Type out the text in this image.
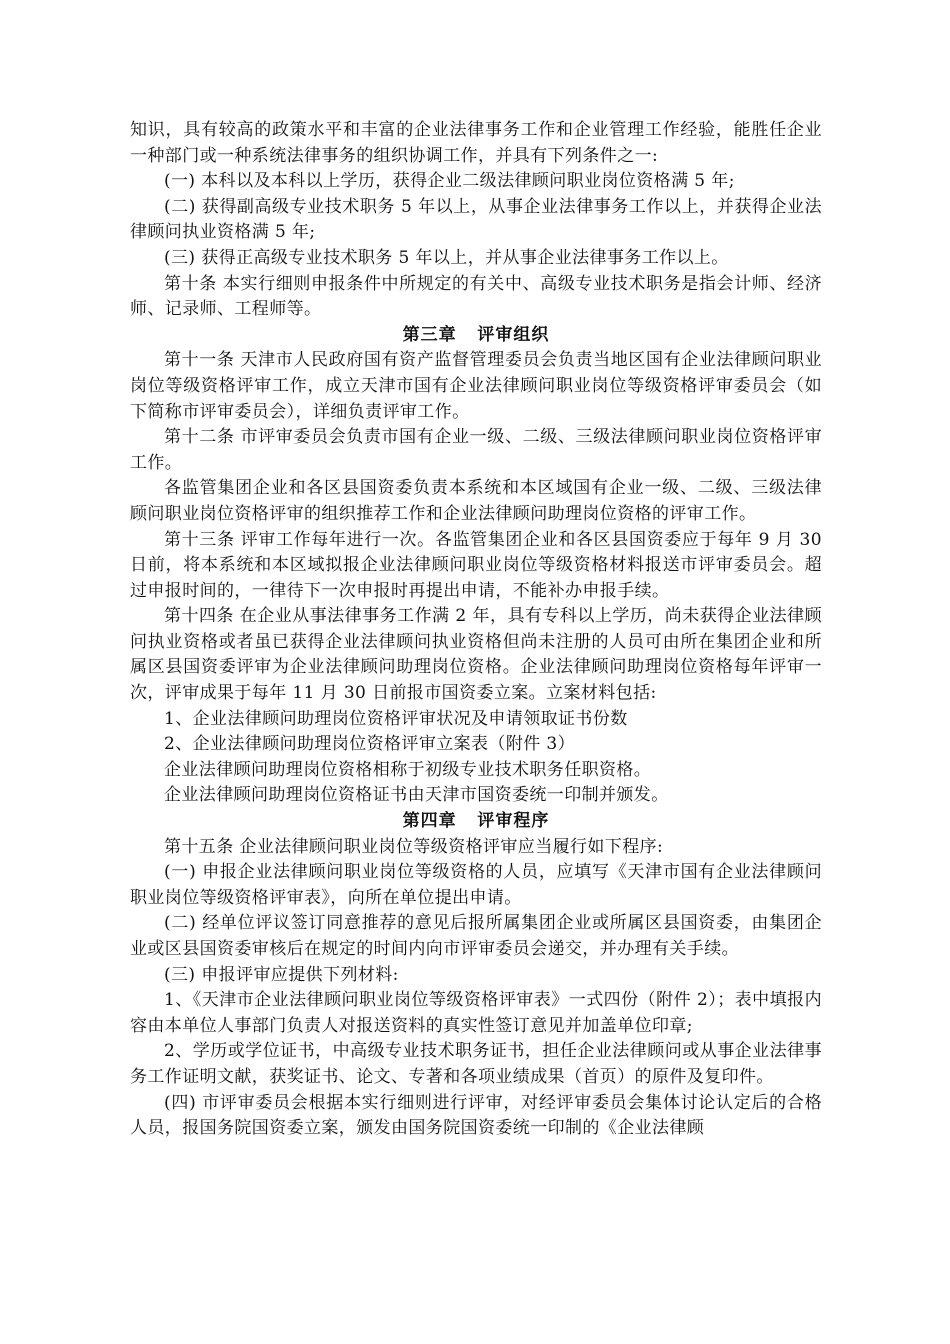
知识，具有较高的政策水平和丰富的企业法律事务工作和企业管理工作经验，能胜任企业一种部门或一种系统法律事务的组织协调工作，并具有下列条件之一:

(一) 本科以及本科以上学历，获得企业二级法律顾问职业岗位资格满 5 年;

(二) 获得副高级专业技术职务 5 年以上，从事企业法律事务工作以上，并获得企业法律顾问执业资格满 5 年;

(三) 获得正高级专业技术职务 5 年以上，并从事企业法律事务工作以上。

第十条 本实行细则申报条件中所规定的有关中、高级专业技术职务是指会计师、经济师、记录师、工程师等。

第三章   评审组织

第十一条 天津市人民政府国有资产监督管理委员会负责当地区国有企业法律顾问职业岗位等级资格评审工作，成立天津市国有企业法律顾问职业岗位等级资格评审委员会（如下简称市评审委员会），详细负责评审工作。

第十二条 市评审委员会负责市国有企业一级、二级、三级法律顾问职业岗位资格评审工作。

各监管集团企业和各区县国资委负责本系统和本区域国有企业一级、二级、三级法律顾问职业岗位资格评审的组织推荐工作和企业法律顾问助理岗位资格的评审工作。

第十三条 评审工作每年进行一次。各监管集团企业和各区县国资委应于每年 9 月 30 日前，将本系统和本区域拟报企业法律顾问职业岗位等级资格材料报送市评审委员会。超过申报时间的，一律待下一次申报时再提出申请，不能补办申报手续。

第十四条 在企业从事法律事务工作满 2 年，具有专科以上学历，尚未获得企业法律顾问执业资格或者虽已获得企业法律顾问执业资格但尚未注册的人员可由所在集团企业和所属区县国资委评审为企业法律顾问助理岗位资格。企业法律顾问助理岗位资格每年评审一次，评审成果于每年 11 月 30 日前报市国资委立案。立案材料包括:

1、企业法律顾问助理岗位资格评审状况及申请领取证书份数

2、企业法律顾问助理岗位资格评审立案表（附件 3）

企业法律顾问助理岗位资格相称于初级专业技术职务任职资格。

企业法律顾问助理岗位资格证书由天津市国资委统一印制并颁发。

第四章   评审程序

第十五条 企业法律顾问职业岗位等级资格评审应当履行如下程序:

(一) 申报企业法律顾问职业岗位等级资格的人员，应填写《天津市国有企业法律顾问职业岗位等级资格评审表》，向所在单位提出申请。

(二) 经单位评议签订同意推荐的意见后报所属集团企业或所属区县国资委，由集团企业或区县国资委审核后在规定的时间内向市评审委员会递交，并办理有关手续。

(三) 申报评审应提供下列材料:

1、《天津市企业法律顾问职业岗位等级资格评审表》一式四份（附件 2）；表中填报内容由本单位人事部门负责人对报送资料的真实性签订意见并加盖单位印章;

2、学历或学位证书，中高级专业技术职务证书，担任企业法律顾问或从事企业法律事务工作证明文献，获奖证书、论文、专著和各项业绩成果（首页）的原件及复印件。

(四) 市评审委员会根据本实行细则进行评审，对经评审委员会集体讨论认定后的合格人员，报国务院国资委立案，颁发由国务院国资委统一印制的《企业法律顾
